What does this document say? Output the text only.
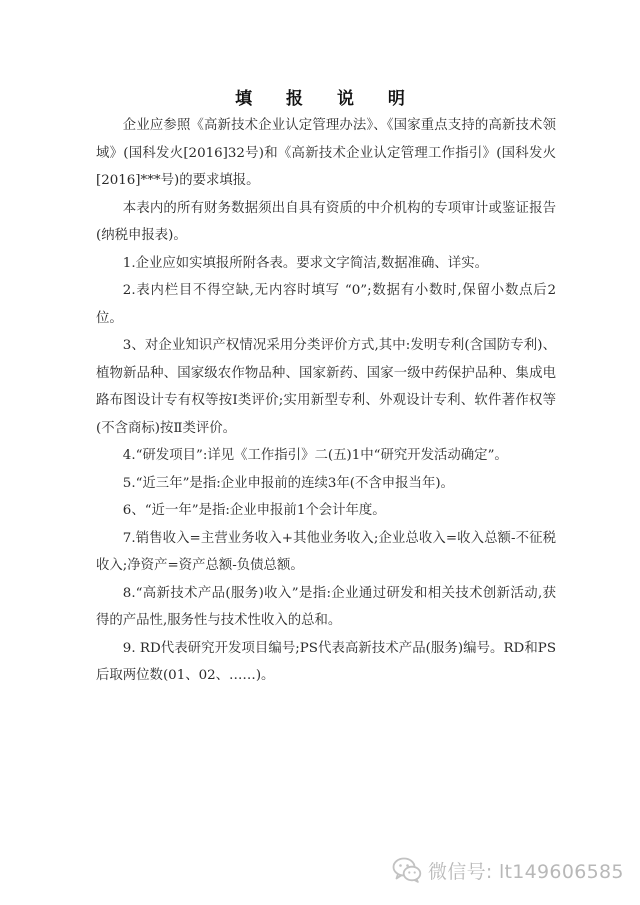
填 报 说 明

企业应参照《高新技术企业认定管理办法》、《国家重点支持的高新技术领域》(国科发火[2016]32号)和《高新技术企业认定管理工作指引》(国科发火[2016]***号)的要求填报。

本表内的所有财务数据须出自具有资质的中介机构的专项审计或鉴证报告(纳税申报表)。

1.企业应如实填报所附各表。要求文字简洁,数据准确、详实。

2.表内栏目不得空缺,无内容时填写 “0”;数据有小数时,保留小数点后2位。

3、对企业知识产权情况采用分类评价方式,其中:发明专利(含国防专利)、植物新品种、国家级农作物品种、国家新药、国家一级中药保护品种、集成电路布图设计专有权等按Ⅰ类评价;实用新型专利、外观设计专利、软件著作权等(不含商标)按Ⅱ类评价。

4.“研发项目”:详见《工作指引》二(五)1中“研究开发活动确定”。

5.“近三年”是指:企业申报前的连续3年(不含申报当年)。

6、“近一年”是指:企业申报前1个会计年度。

7.销售收入=主营业务收入+其他业务收入;企业总收入=收入总额-不征税收入;净资产=资产总额-负债总额。

8.“高新技术产品(服务)收入”是指:企业通过研发和相关技术创新活动,获得的产品性,服务性与技术性收入的总和。

9. RD代表研究开发项目编号;PS代表高新技术产品(服务)编号。RD和PS后取两位数(01、02、……)。

微信号: lt149606585
